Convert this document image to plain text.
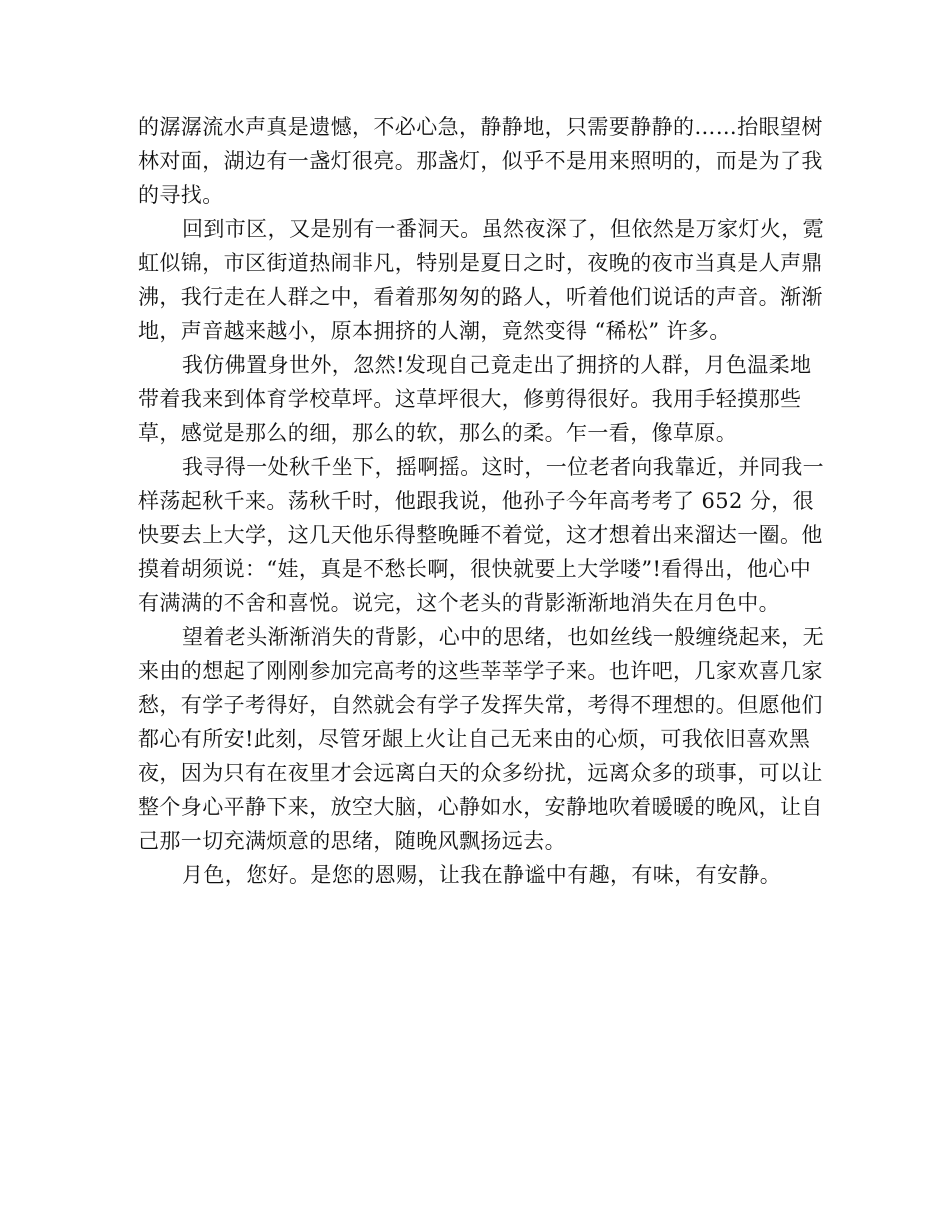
的潺潺流水声真是遗憾，不必心急，静静地，只需要静静的……抬眼望树林对面，湖边有一盏灯很亮。那盏灯，似乎不是用来照明的，而是为了我的寻找。

回到市区，又是别有一番洞天。虽然夜深了，但依然是万家灯火，霓虹似锦，市区街道热闹非凡，特别是夏日之时，夜晚的夜市当真是人声鼎沸，我行走在人群之中，看着那匆匆的路人，听着他们说话的声音。渐渐地，声音越来越小，原本拥挤的人潮，竟然变得 “稀松” 许多。

我仿佛置身世外，忽然!发现自己竟走出了拥挤的人群，月色温柔地带着我来到体育学校草坪。这草坪很大，修剪得很好。我用手轻摸那些草，感觉是那么的细，那么的软，那么的柔。乍一看，像草原。

我寻得一处秋千坐下，摇啊摇。这时，一位老者向我靠近，并同我一样荡起秋千来。荡秋千时，他跟我说，他孙子今年高考考了 652 分，很快要去上大学，这几天他乐得整晚睡不着觉，这才想着出来溜达一圈。他摸着胡须说：“娃，真是不愁长啊，很快就要上大学喽”!看得出，他心中有满满的不舍和喜悦。说完，这个老头的背影渐渐地消失在月色中。

望着老头渐渐消失的背影，心中的思绪，也如丝线一般缠绕起来，无来由的想起了刚刚参加完高考的这些莘莘学子来。也许吧，几家欢喜几家愁，有学子考得好，自然就会有学子发挥失常，考得不理想的。但愿他们都心有所安!此刻，尽管牙龈上火让自己无来由的心烦，可我依旧喜欢黑夜，因为只有在夜里才会远离白天的众多纷扰，远离众多的琐事，可以让整个身心平静下来，放空大脑，心静如水，安静地吹着暖暖的晚风，让自己那一切充满烦意的思绪，随晚风飘扬远去。

月色，您好。是您的恩赐，让我在静谧中有趣，有味，有安静。
